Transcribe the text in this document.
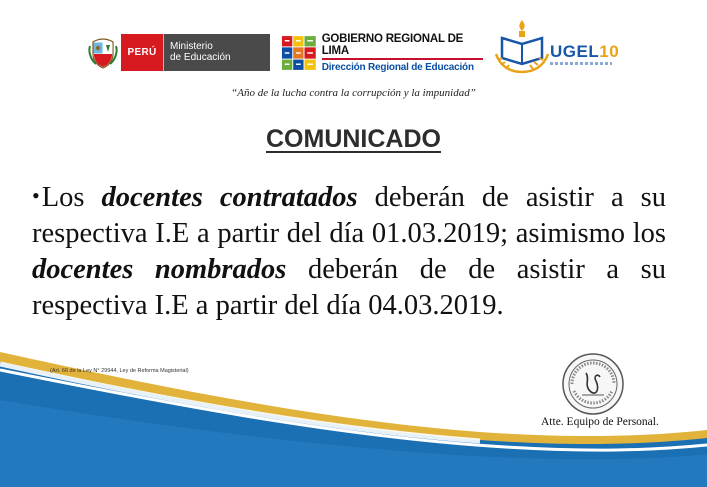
PERÚ
Ministerio
de Educación
GOBIERNO REGIONAL DE LIMA
Dirección Regional de Educación
UGEL10
“Año de la lucha contra la corrupción y la impunidad”
COMUNICADO
•Los docentes contratados deberán de asistir a su respectiva I.E a partir del día 01.03.2019; asimismo los docentes nombrados deberán de de asistir a su respectiva I.E a partir del día 04.03.2019.
(Art. 66 de la Ley N° 29944, Ley de Reforma Magisterial)
Atte. Equipo de Personal.
